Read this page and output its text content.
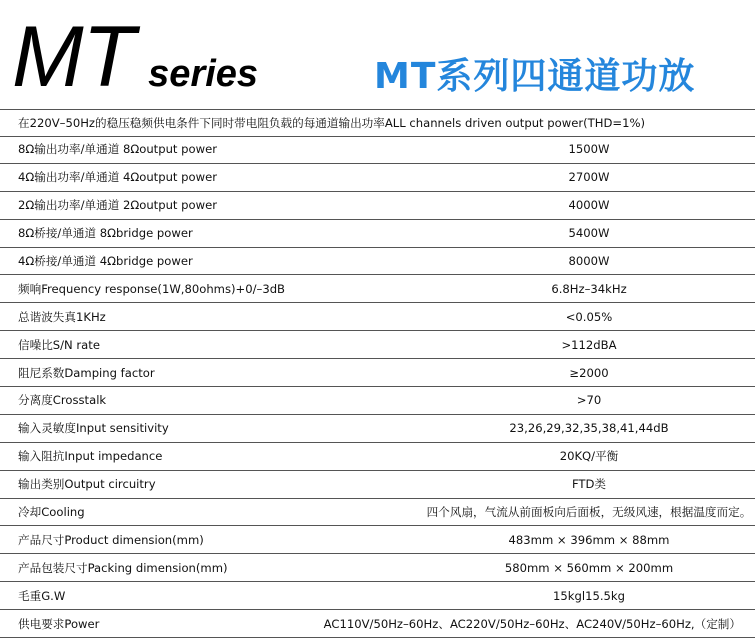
MT series	MT系列四通道功放
在220V–50Hz的稳压稳频供电条件下同时带电阻负载的每通道输出功率ALL channels driven output power(THD=1%)
8Ω输出功率/单通道 8Ωoutput power	1500W
4Ω输出功率/单通道 4Ωoutput power	2700W
2Ω输出功率/单通道 2Ωoutput power	4000W
8Ω桥接/单通道 8Ωbridge power	5400W
4Ω桥接/单通道 4Ωbridge power	8000W
频响Frequency response(1W,80ohms)+0/–3dB	6.8Hz–34kHz
总谐波失真1KHz	<0.05%
信噪比S/N rate	>112dBA
阻尼系数Damping factor	≥2000
分离度Crosstalk	>70
输入灵敏度Input sensitivity	23,26,29,32,35,38,41,44dB
输入阻抗Input impedance	20KQ/平衡
输出类别Output circuitry	FTD类
冷却Cooling	四个风扇，气流从前面板向后面板，无级风速，根据温度而定。
产品尺寸Product dimension(mm)	483mm × 396mm × 88mm
产品包装尺寸Packing dimension(mm)	580mm × 560mm × 200mm
毛重G.W	15kgl15.5kg
供电要求Power	AC110V/50Hz–60Hz、AC220V/50Hz–60Hz、AC240V/50Hz–60Hz,（定制）
